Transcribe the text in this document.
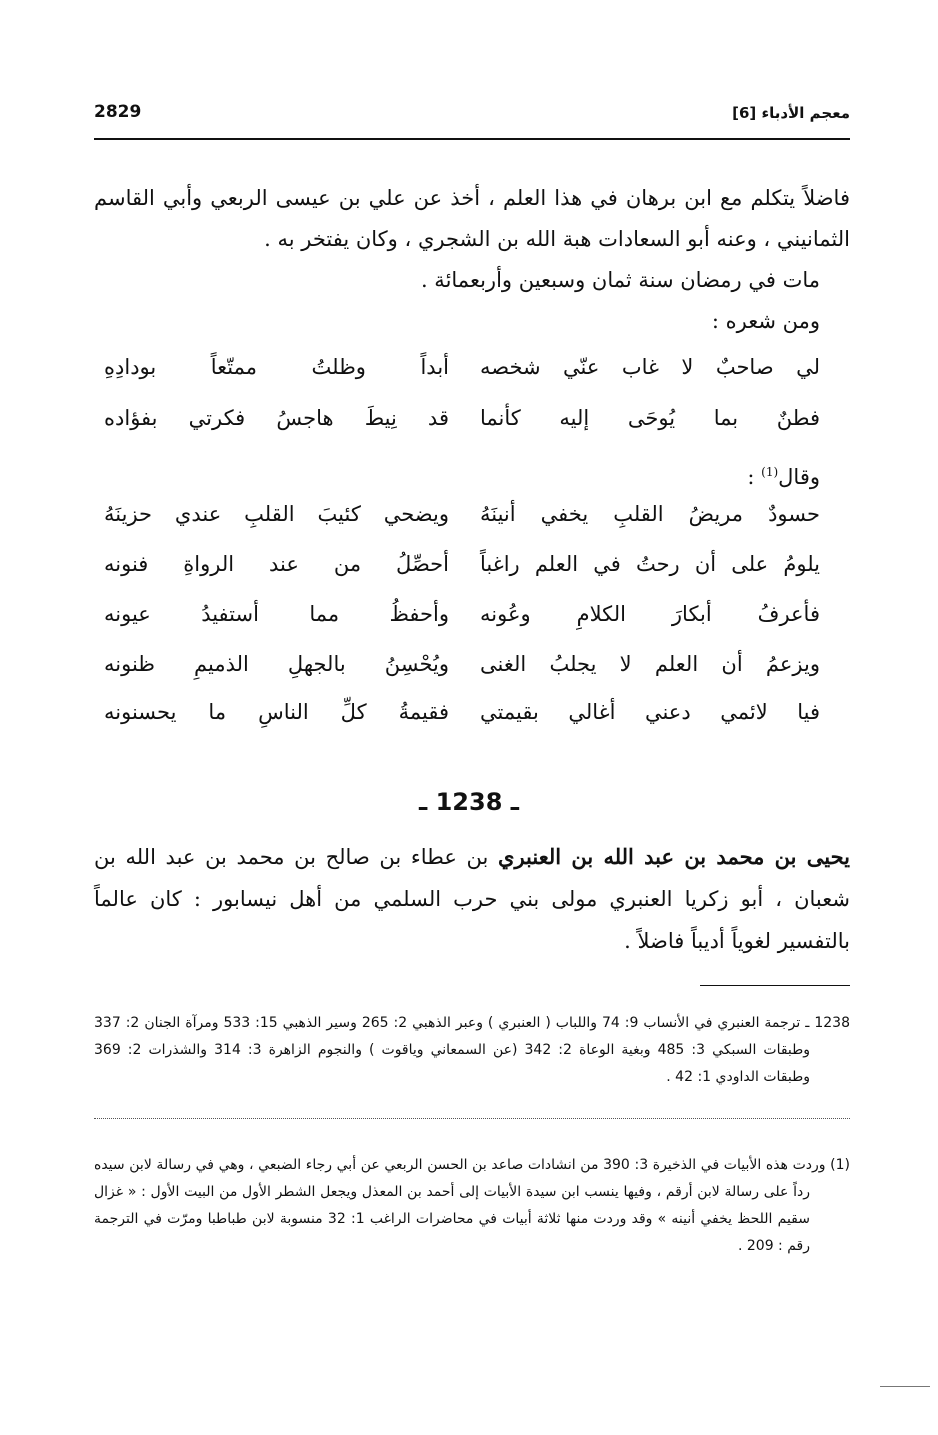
معجم الأدباء [6]
2829

فاضلاً يتكلم مع ابن برهان في هذا العلم ، أخذ عن علي بن عيسى الربعي وأبي القاسم الثمانيني ، وعنه أبو السعادات هبة الله بن الشجري ، وكان يفتخر به .

مات في رمضان سنة ثمان وسبعين وأربعمائة .

ومن شعره :

لي صاحبٌ لا غاب عنّي شخصه
أبداً وظلتُ ممتّعاً بودادِهِ
فطنٌ بما يُوحَى إليه كأنما
قد نِيطَ هاجسُ فكرتي بفؤاده

وقال$^{(1)}$ :

حسودٌ مريضُ القلبِ يخفي أنينَهُ
ويضحي كئيبَ القلبِ عندي حزينَهُ
يلومُ على أن رحتُ في العلم راغباً
أحصِّلُ من عند الرواةِ فنونه
فأعرفُ أبكارَ الكلامِ وعُونه
وأحفظُ مما أستفيدُ عيونه
ويزعمُ أن العلم لا يجلبُ الغنى
ويُحْسِنُ بالجهلِ الذميمِ ظنونه
فيا لائمي دعني أغالي بقيمتي
فقيمةُ كلِّ الناسِ ما يحسنونه
ـ 1238 ـ
يحيى بن محمد بن عبد الله بن العنبري بن عطاء بن صالح بن محمد بن عبد الله بن شعبان ، أبو زكريا العنبري مولى بني حرب السلمي من أهل نيسابور : كان عالماً بالتفسير لغوياً أديباً فاضلاً .

1238 ـ ترجمة العنبري في الأنساب 9: 74 واللباب ( العنبري ) وعبر الذهبي 2: 265 وسير الذهبي 15: 533 ومرآة الجنان 2: 337 وطبقات السبكي 3: 485 وبغية الوعاة 2: 342 (عن السمعاني وياقوت ) والنجوم الزاهرة 3: 314 والشذرات 2: 369 وطبقات الداودي 1: 42 .

(1) وردت هذه الأبيات في الذخيرة 3: 390 من انشادات صاعد بن الحسن الربعي عن أبي رجاء الضبعي ، وهي في رسالة لابن سيده رداً على رسالة لابن أرقم ، وفيها ينسب ابن سيدة الأبيات إلى أحمد بن المعذل ويجعل الشطر الأول من البيت الأول : « غزال سقيم اللحظ يخفي أنينه » وقد وردت منها ثلاثة أبيات في محاضرات الراغب 1: 32 منسوبة لابن طباطبا ومرّت في الترجمة رقم : 209 .
